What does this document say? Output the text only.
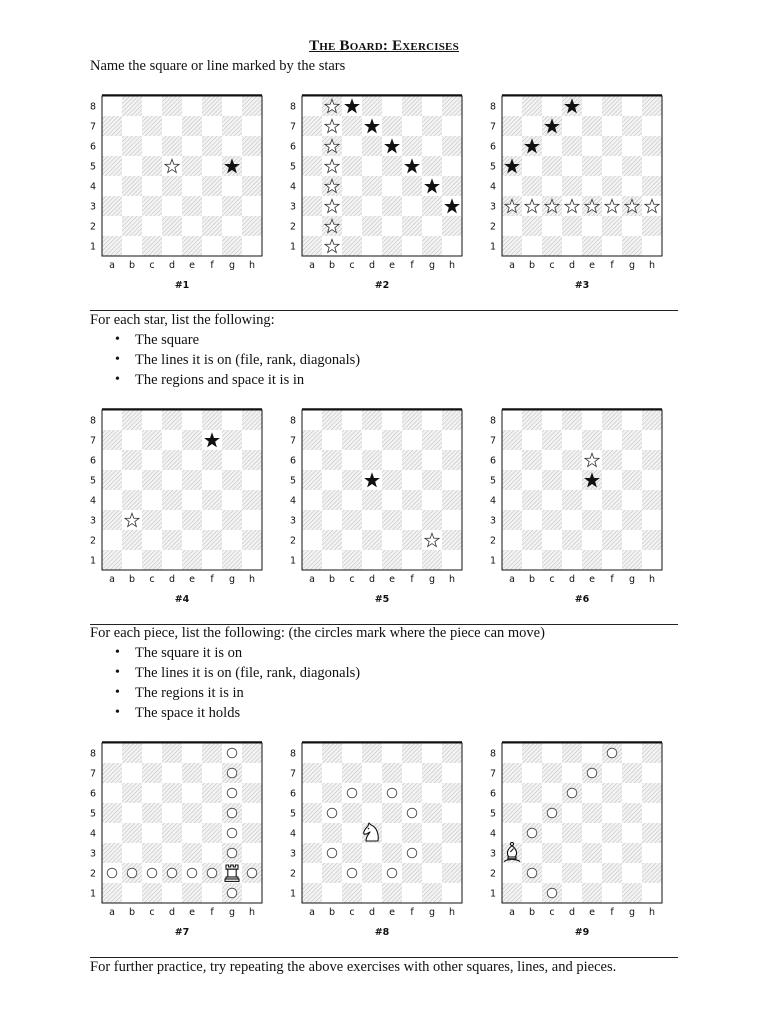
The Board: Exercises
Name the square or line marked by the stars
8
7
6
5
4
3
2
1
a b c d e f g h
#1
8
7
6
5
4
3
2
1
a b c d e f g h
#2
8
7
6
5
4
3
2
1
a b c d e f g h
#3
For each star, list the following:
• The square
• The lines it is on (file, rank, diagonals)
• The regions and space it is in
8
7
6
5
4
3
2
1
a b c d e f g h
#4
8
7
6
5
4
3
2
1
a b c d e f g h
#5
8
7
6
5
4
3
2
1
a b c d e f g h
#6
For each piece, list the following: (the circles mark where the piece can move)
• The square it is on
• The lines it is on (file, rank, diagonals)
• The regions it is in
• The space it holds
8
7
6
5
4
3
2
1
a b c d e f g h
#7
8
7
6
5
4
3
2
1
a b c d e f g h
#8
8
7
6
5
4
3
2
1
a b c d e f g h
#9
For further practice, try repeating the above exercises with other squares, lines, and pieces.
